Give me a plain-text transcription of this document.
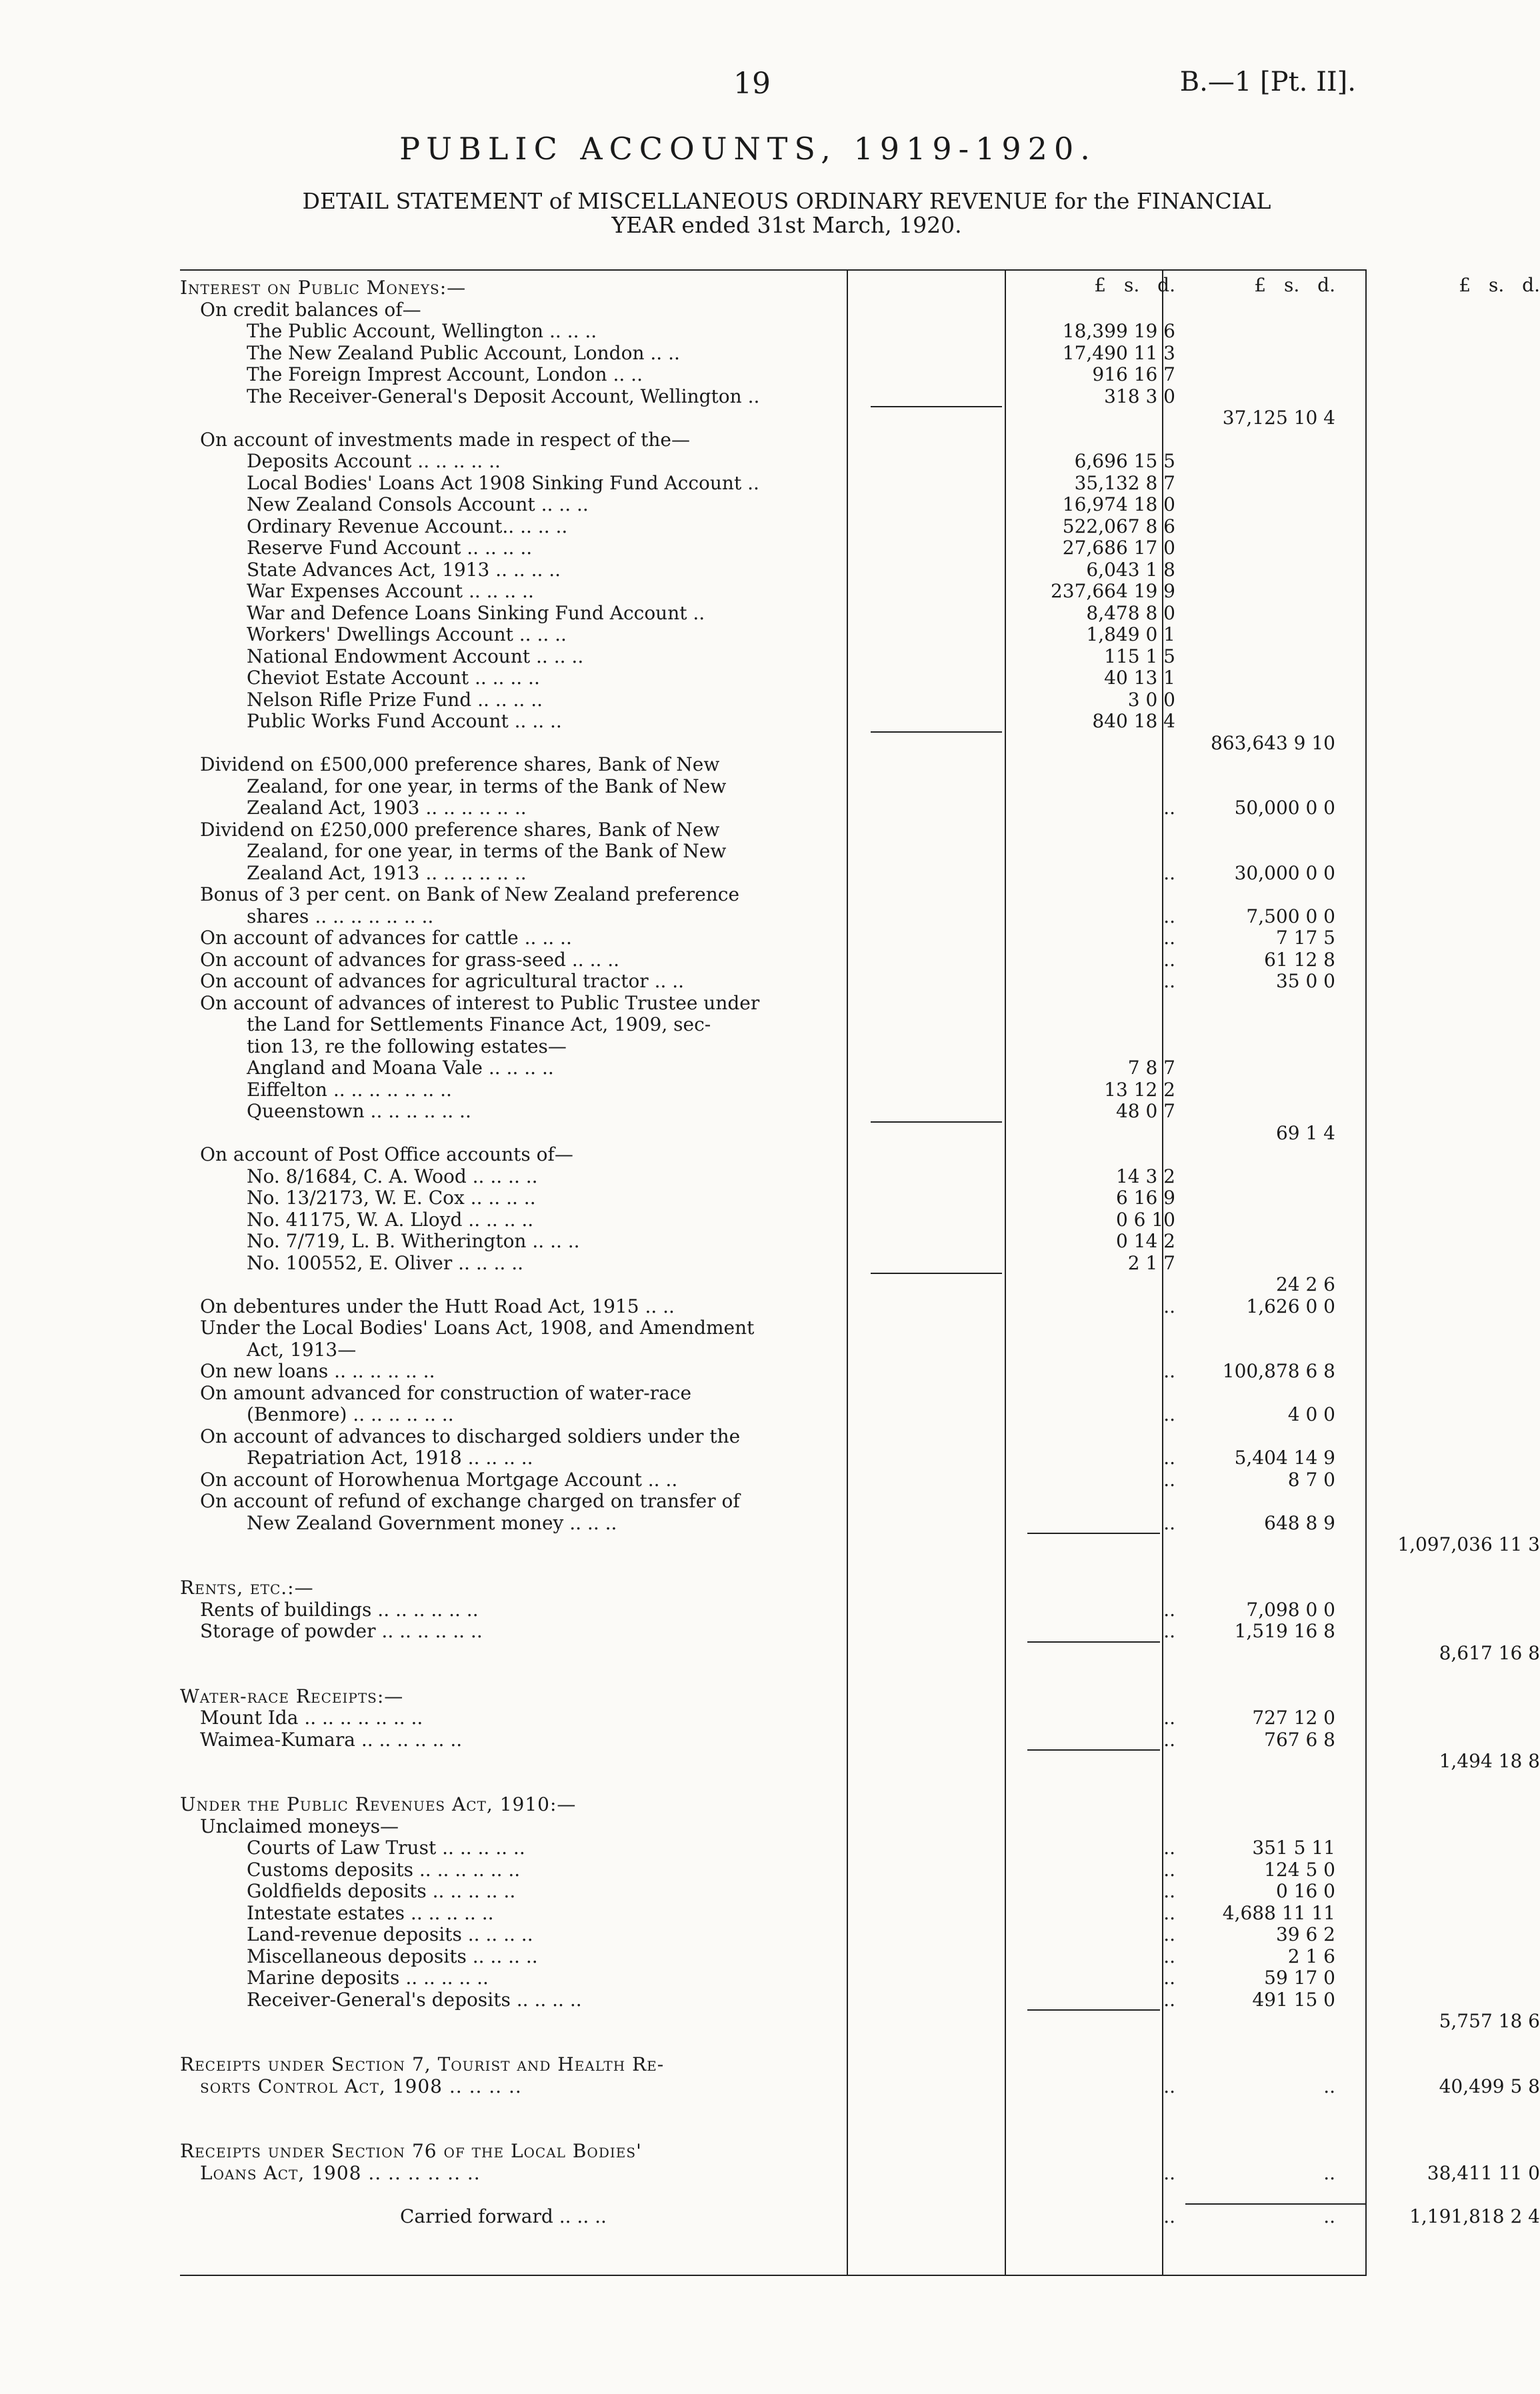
19	B.—1 [Pt. II].
PUBLIC ACCOUNTS, 1919-1920.
DETAIL STATEMENT of MISCELLANEOUS ORDINARY REVENUE for the FINANCIAL
YEAR ended 31st March, 1920.
£ s. d.	£ s. d.	£ s. d.
Interest on Public Moneys:—
On credit balances of—
The Public Account, Wellington .. .. ..	18,399 19 6
The New Zealand Public Account, London .. ..	17,490 11 3
The Foreign Imprest Account, London .. ..	916 16 7
The Receiver-General's Deposit Account, Wellington ..	318 3 0
37,125 10 4
On account of investments made in respect of the—
Deposits Account .. .. .. .. ..	6,696 15 5
Local Bodies' Loans Act 1908 Sinking Fund Account ..	35,132 8 7
New Zealand Consols Account .. .. ..	16,974 18 0
Ordinary Revenue Account.. .. .. ..	522,067 8 6
Reserve Fund Account .. .. .. ..	27,686 17 0
State Advances Act, 1913 .. .. .. ..	6,043 1 8
War Expenses Account .. .. .. ..	237,664 19 9
War and Defence Loans Sinking Fund Account ..	8,478 8 0
Workers' Dwellings Account .. .. ..	1,849 0 1
National Endowment Account .. .. ..	115 1 5
Cheviot Estate Account .. .. .. ..	40 13 1
Nelson Rifle Prize Fund .. .. .. ..	3 0 0
Public Works Fund Account .. .. ..	840 18 4
863,643 9 10
Dividend on £500,000 preference shares, Bank of New
Zealand, for one year, in terms of the Bank of New
Zealand Act, 1903 .. .. .. .. .. ..	..	50,000 0 0
Dividend on £250,000 preference shares, Bank of New
Zealand, for one year, in terms of the Bank of New
Zealand Act, 1913 .. .. .. .. .. ..	..	30,000 0 0
Bonus of 3 per cent. on Bank of New Zealand preference
shares .. .. .. .. .. .. ..	..	7,500 0 0
On account of advances for cattle .. .. ..	..	7 17 5
On account of advances for grass-seed .. .. ..	..	61 12 8
On account of advances for agricultural tractor .. ..	..	35 0 0
On account of advances of interest to Public Trustee under
the Land for Settlements Finance Act, 1909, sec-
tion 13, re the following estates—
Angland and Moana Vale .. .. .. ..	7 8 7
Eiffelton .. .. .. .. .. .. ..	13 12 2
Queenstown .. .. .. .. .. ..	48 0 7
69 1 4
On account of Post Office accounts of—
No. 8/1684, C. A. Wood .. .. .. ..	14 3 2
No. 13/2173, W. E. Cox .. .. .. ..	6 16 9
No. 41175, W. A. Lloyd .. .. .. ..	0 6 10
No. 7/719, L. B. Witherington .. .. ..	0 14 2
No. 100552, E. Oliver .. .. .. ..	2 1 7
24 2 6
On debentures under the Hutt Road Act, 1915 .. ..	..	1,626 0 0
Under the Local Bodies' Loans Act, 1908, and Amendment
Act, 1913—
On new loans .. .. .. .. .. ..	..	100,878 6 8
On amount advanced for construction of water-race
(Benmore) .. .. .. .. .. ..	..	4 0 0
On account of advances to discharged soldiers under the
Repatriation Act, 1918 .. .. .. ..	..	5,404 14 9
On account of Horowhenua Mortgage Account .. ..	..	8 7 0
On account of refund of exchange charged on transfer of
New Zealand Government money .. .. ..	..	648 8 9
1,097,036 11 3
Rents, etc.:—
Rents of buildings .. .. .. .. .. ..	..	7,098 0 0
Storage of powder .. .. .. .. .. ..	..	1,519 16 8
8,617 16 8
Water-race Receipts:—
Mount Ida .. .. .. .. .. .. ..	..	727 12 0
Waimea-Kumara .. .. .. .. .. ..	..	767 6 8
1,494 18 8
Under the Public Revenues Act, 1910:—
Unclaimed moneys—
Courts of Law Trust .. .. .. .. ..	..	351 5 11
Customs deposits .. .. .. .. .. ..	..	124 5 0
Goldfields deposits .. .. .. .. ..	..	0 16 0
Intestate estates .. .. .. .. ..	..	4,688 11 11
Land-revenue deposits .. .. .. ..	..	39 6 2
Miscellaneous deposits .. .. .. ..	..	2 1 6
Marine deposits .. .. .. .. ..	..	59 17 0
Receiver-General's deposits .. .. .. ..	..	491 15 0
5,757 18 6
Receipts under Section 7, Tourist and Health Re-
sorts Control Act, 1908 .. .. .. ..	..	..	40,499 5 8
Receipts under Section 76 of the Local Bodies'
Loans Act, 1908 .. .. .. .. .. ..	..	..	38,411 11 0
Carried forward .. .. ..	..	..	1,191,818 2 4
